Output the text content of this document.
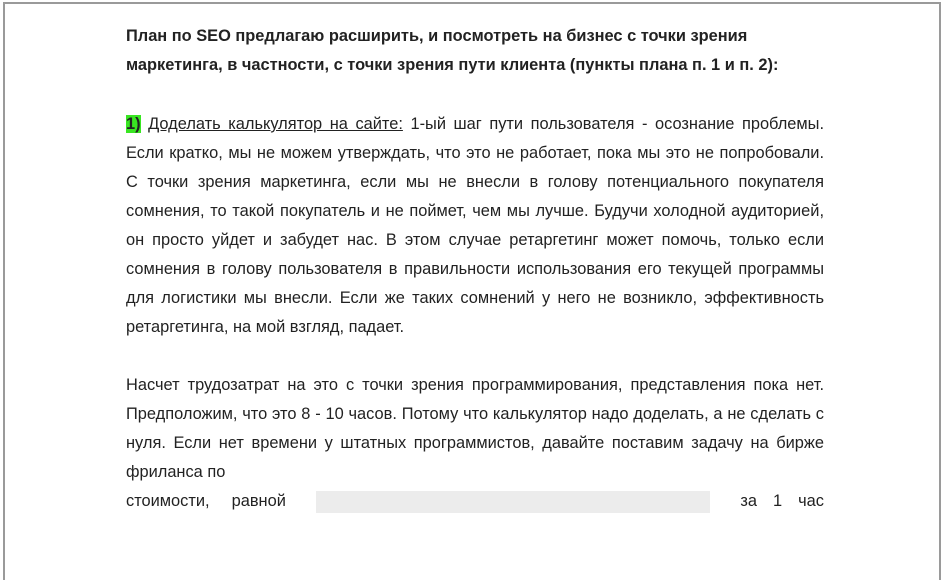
План по SEO предлагаю расширить, и посмотреть на бизнес с точки зрения маркетинга, в частности, с точки зрения пути клиента (пункты плана п. 1 и п. 2):

1) Доделать калькулятор на сайте: 1-ый шаг пути пользователя - осознание проблемы. Если кратко, мы не можем утверждать, что это не работает, пока мы это не попробовали. С точки зрения маркетинга, если мы не внесли в голову потенциального покупателя сомнения, то такой покупатель и не поймет, чем мы лучше. Будучи холодной аудиторией, он просто уйдет и забудет нас. В этом случае ретаргетинг может помочь, только если сомнения в голову пользователя в правильности использования его текущей программы для логистики мы внесли. Если же таких сомнений у него не возникло, эффективность ретаргетинга, на мой взгляд, падает.

Насчет трудозатрат на это с точки зрения программирования, представления пока нет. Предположим, что это 8 - 10 часов. Потому что калькулятор надо доделать, а не сделать с нуля. Если нет времени у штатных программистов, давайте поставим задачу на бирже фриланса по

стоимости, равной	за 1 час
